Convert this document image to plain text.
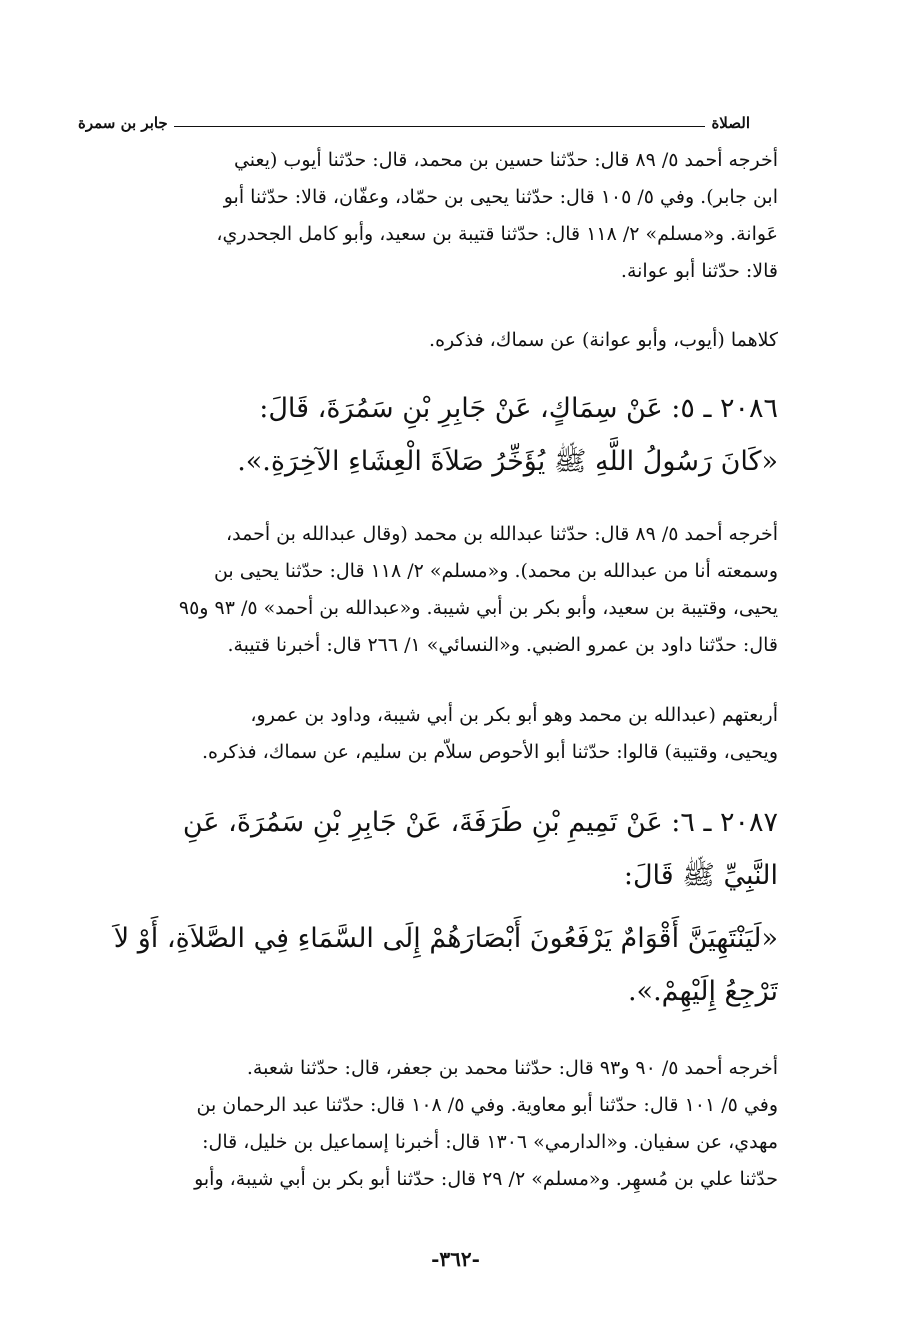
الصلاة
جابر بن سمرة
أخرجه أحمد ٥/ ٨٩ قال: حدّثنا حسين بن محمد، قال: حدّثنا أيوب (يعني
ابن جابر). وفي ٥/ ١٠٥ قال: حدّثنا يحيى بن حمّاد، وعفّان، قالا: حدّثنا أبو
عَوانة. و«مسلم» ٢/ ١١٨ قال: حدّثنا قتيبة بن سعيد، وأبو كامل الجحدري،
قالا: حدّثنا أبو عوانة.
كلاهما (أيوب، وأبو عوانة) عن سماك، فذكره.
٢٠٨٦ ـ ٥: عَنْ سِمَاكٍ، عَنْ جَابِرِ بْنِ سَمُرَةَ، قَالَ:
«كَانَ رَسُولُ اللَّهِ ﷺ يُؤَخِّرُ صَلاَةَ الْعِشَاءِ الآخِرَةِ.».
أخرجه أحمد ٥/ ٨٩ قال: حدّثنا عبدالله بن محمد (وقال عبدالله بن أحمد،
وسمعته أنا من عبدالله بن محمد). و«مسلم» ٢/ ١١٨ قال: حدّثنا يحيى بن
يحيى، وقتيبة بن سعيد، وأبو بكر بن أبي شيبة. و«عبدالله بن أحمد» ٥/ ٩٣ و٩٥
قال: حدّثنا داود بن عمرو الضبي. و«النسائي» ١/ ٢٦٦ قال: أخبرنا قتيبة.
أربعتهم (عبدالله بن محمد وهو أبو بكر بن أبي شيبة، وداود بن عمرو،
ويحيى، وقتيبة) قالوا: حدّثنا أبو الأحوص سلاّم بن سليم، عن سماك، فذكره.
٢٠٨٧ ـ ٦: عَنْ تَمِيمِ بْنِ طَرَفَةَ، عَنْ جَابِرِ بْنِ سَمُرَةَ، عَنِ
النَّبِيِّ ﷺ قَالَ:
«لَيَنْتَهِيَنَّ أَقْوَامٌ يَرْفَعُونَ أَبْصَارَهُمْ إِلَى السَّمَاءِ فِي الصَّلاَةِ، أَوْ لاَ
تَرْجِعُ إِلَيْهِمْ.».
أخرجه أحمد ٥/ ٩٠ و٩٣ قال: حدّثنا محمد بن جعفر، قال: حدّثنا شعبة.
وفي ٥/ ١٠١ قال: حدّثنا أبو معاوية. وفي ٥/ ١٠٨ قال: حدّثنا عبد الرحمان بن
مهدي، عن سفيان. و«الدارمي» ١٣٠٦ قال: أخبرنا إسماعيل بن خليل، قال:
حدّثنا علي بن مُسهِر. و«مسلم» ٢/ ٢٩ قال: حدّثنا أبو بكر بن أبي شيبة، وأبو
-٣٦٢-
